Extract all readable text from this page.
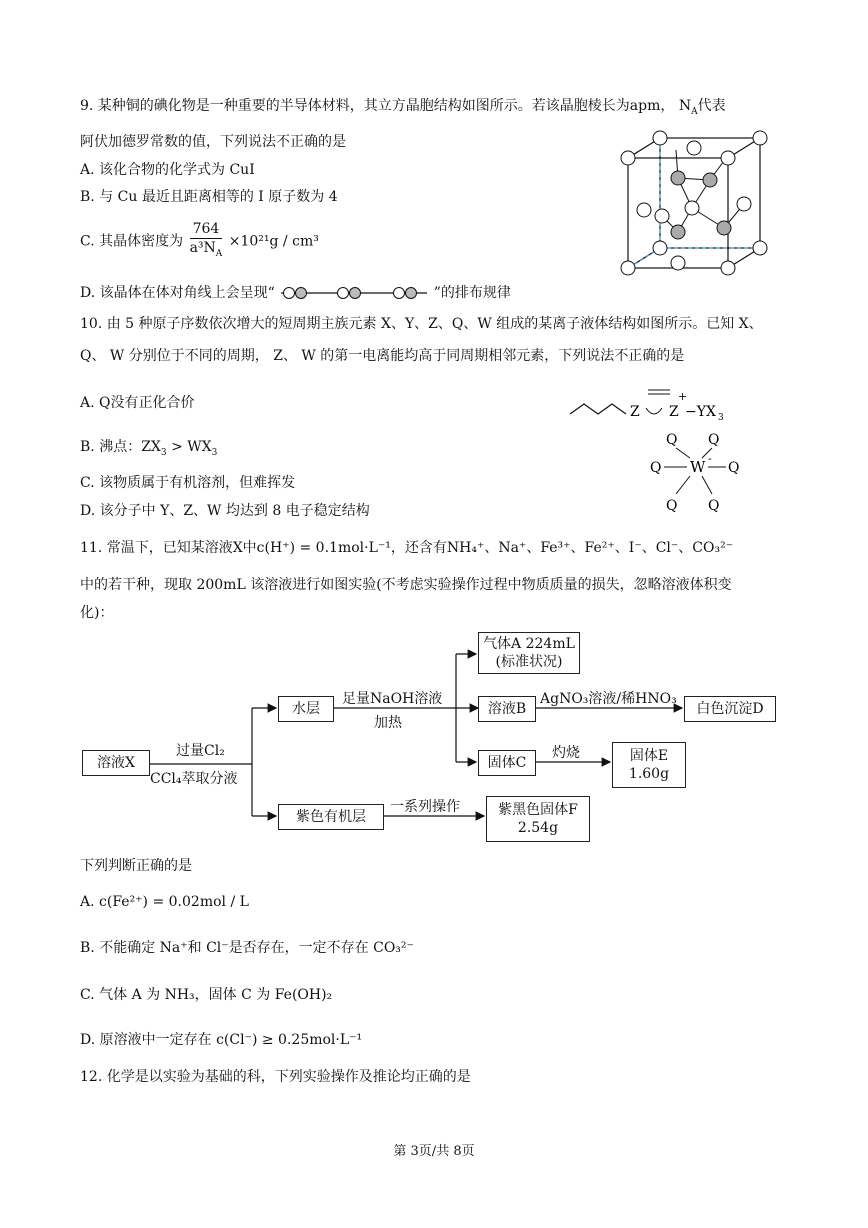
9. 某种铜的碘化物是一种重要的半导体材料，其立方晶胞结构如图所示。若该晶胞棱长为apm， $N_A$代表
阿伏加德罗常数的值，下列说法不正确的是
A. 该化合物的化学式为 CuI
B. 与 Cu 最近且距离相等的 I 原子数为 4
C. 其晶体密度为 $\frac{764}{a^3N_A} \times 10^{21}g / cm^3$
D. 该晶体在体对角线上会呈现“	”的排布规律
10. 由 5 种原子序数依次增大的短周期主族元素 X、Y、Z、Q、W 组成的某离子液体结构如图所示。已知 X、
Q、 W 分别位于不同的周期， Z、 W 的第一电离能均高于同周期相邻元素，下列说法不正确的是
A. Q没有正化合价
B. 沸点：$ZX_3 > WX_3$
C. 该物质属于有机溶剂，但难挥发
D. 该分子中 Y、Z、W 均达到 8 电子稳定结构
Z Z
+
−YX 3
W -
Q Q
Q	Q
Q Q
11. 常温下，已知某溶液X中c(H⁺) = 0.1mol·L⁻¹，还含有NH₄⁺、Na⁺、Fe³⁺、Fe²⁺、I⁻、Cl⁻、CO₃²⁻
中的若干种，现取 200mL 该溶液进行如图实验(不考虑实验操作过程中物质质量的损失，忽略溶液体积变
化)：
溶液X
过量Cl₂
CCl₄萃取分液
水层
足量NaOH溶液
加热
气体A 224mL
(标准状况)
溶液B
AgNO₃溶液/稀HNO₃
白色沉淀D
固体C
灼烧	固体E
1.60g
紫色有机层
一系列操作	紫黑色固体F
2.54g
下列判断正确的是
A. c(Fe²⁺) = 0.02mol / L
B. 不能确定 Na⁺和 Cl⁻是否存在，一定不存在 CO₃²⁻
C. 气体 A 为 NH₃，固体 C 为 Fe(OH)₂
D. 原溶液中一定存在 c(Cl⁻) ≥ 0.25mol·L⁻¹
12. 化学是以实验为基础的科，下列实验操作及推论均正确的是
第 3页/共 8页
